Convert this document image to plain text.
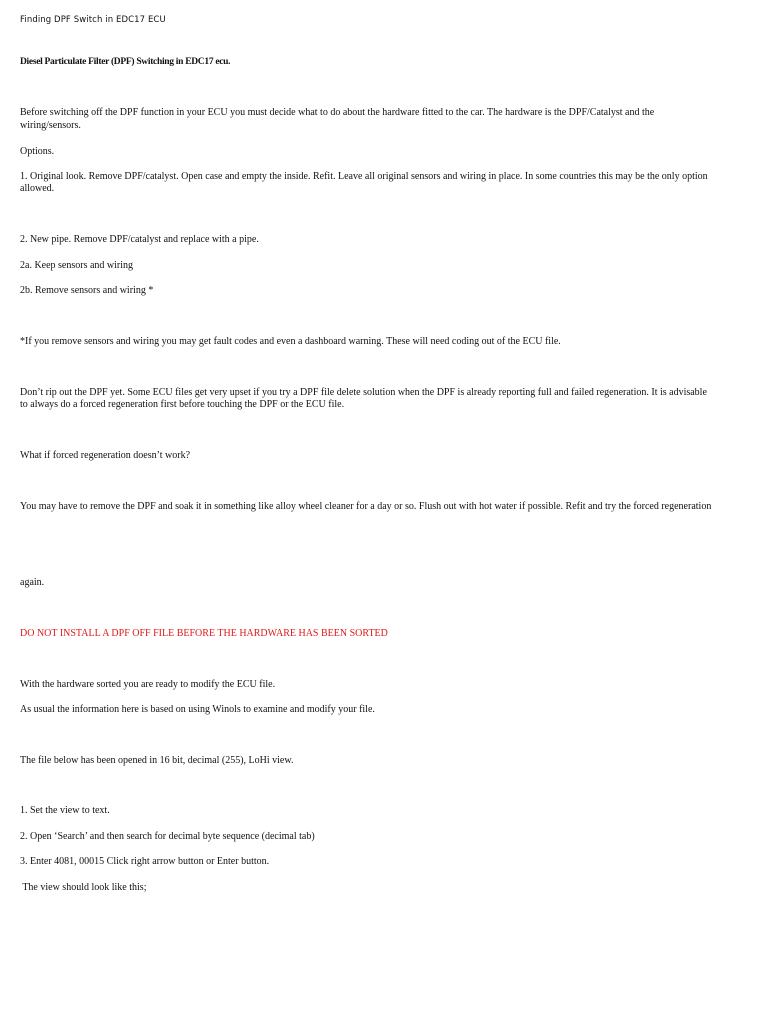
Finding DPF Switch in EDC17 ECU
Diesel Particulate Filter (DPF) Switching in EDC17 ecu.
Before switching off the DPF function in your ECU you must decide what to do about the hardware fitted to the car. The hardware is the DPF/Catalyst and the
wiring/sensors.
Options.
1. Original look. Remove DPF/catalyst. Open case and empty the inside. Refit. Leave all original sensors and wiring in place. In some countries this may be the only option
allowed.
2. New pipe. Remove DPF/catalyst and replace with a pipe.
2a. Keep sensors and wiring
2b. Remove sensors and wiring *
*If you remove sensors and wiring you may get fault codes and even a dashboard warning. These will need coding out of the ECU file.
Don’t rip out the DPF yet. Some ECU files get very upset if you try a DPF file delete solution when the DPF is already reporting full and failed regeneration. It is advisable
to always do a forced regeneration first before touching the DPF or the ECU file.
What if forced regeneration doesn’t work?
You may have to remove the DPF and soak it in something like alloy wheel cleaner for a day or so. Flush out with hot water if possible. Refit and try the forced regeneration
again.
DO NOT INSTALL A DPF OFF FILE BEFORE THE HARDWARE HAS BEEN SORTED
With the hardware sorted you are ready to modify the ECU file.
As usual the information here is based on using Winols to examine and modify your file.
The file below has been opened in 16 bit, decimal (255), LoHi view.
1. Set the view to text.
2. Open ‘Search’ and then search for decimal byte sequence (decimal tab)
3. Enter 4081, 00015 Click right arrow button or Enter button.
The view should look like this;
